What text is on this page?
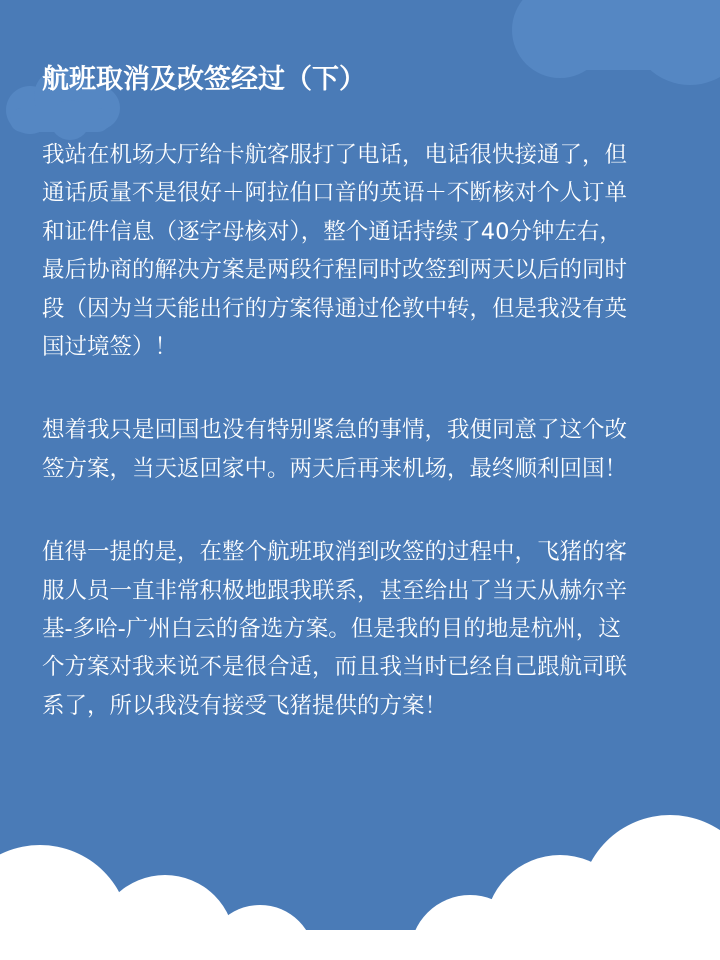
航班取消及改签经过（下）
我站在机场大厅给卡航客服打了电话，电话很快接通了，但
通话质量不是很好＋阿拉伯口音的英语＋不断核对个人订单
和证件信息（逐字母核对），整个通话持续了40分钟左右，
最后协商的解决方案是两段行程同时改签到两天以后的同时
段（因为当天能出行的方案得通过伦敦中转，但是我没有英
国过境签）！
想着我只是回国也没有特别紧急的事情，我便同意了这个改
签方案，当天返回家中。两天后再来机场，最终顺利回国！
值得一提的是，在整个航班取消到改签的过程中，飞猪的客
服人员一直非常积极地跟我联系，甚至给出了当天从赫尔辛
基-多哈-广州白云的备选方案。但是我的目的地是杭州，这
个方案对我来说不是很合适，而且我当时已经自己跟航司联
系了，所以我没有接受飞猪提供的方案！
